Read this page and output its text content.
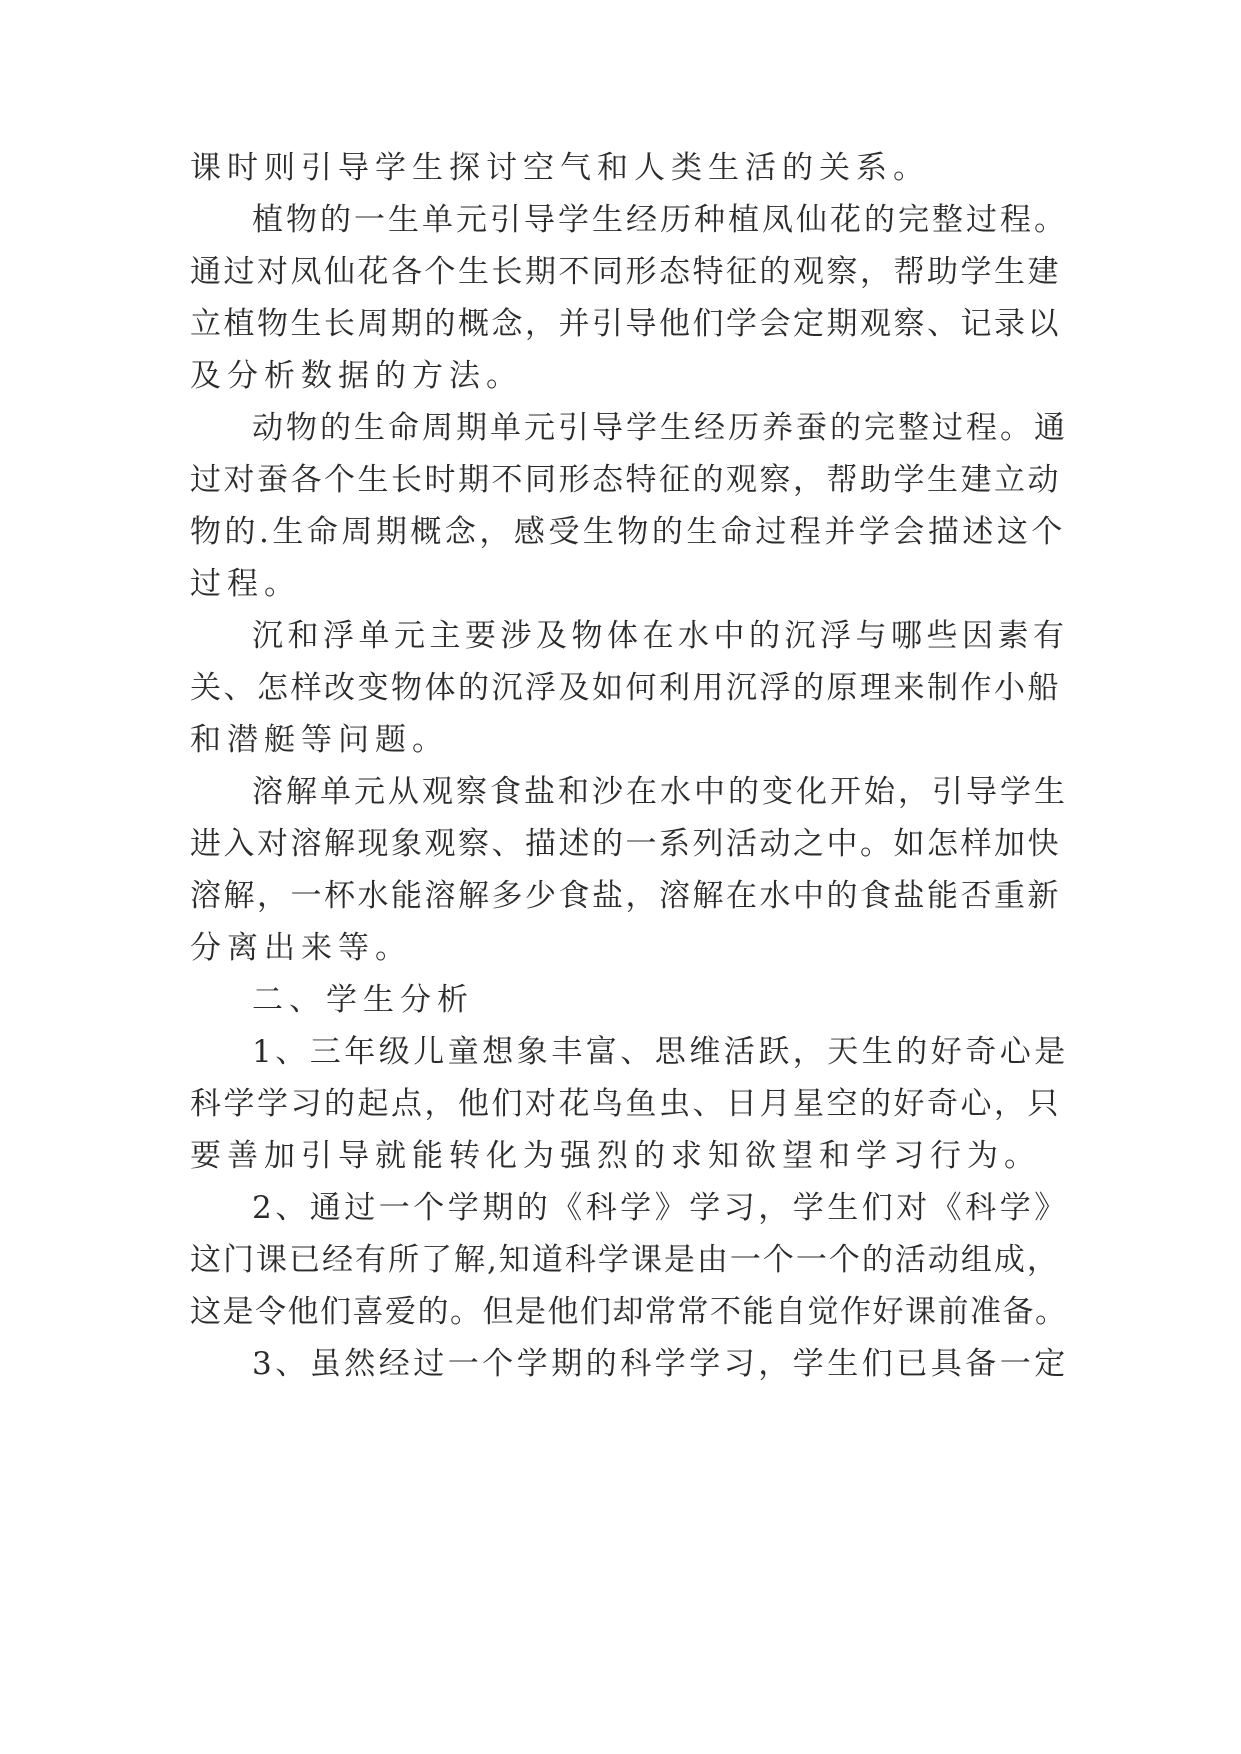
课时则引导学生探讨空气和人类生活的关系。

植物的一生单元引导学生经历种植凤仙花的完整过程。

通过对凤仙花各个生长期不同形态特征的观察，帮助学生建

立植物生长周期的概念，并引导他们学会定期观察、记录以

及分析数据的方法。

动物的生命周期单元引导学生经历养蚕的完整过程。通

过对蚕各个生长时期不同形态特征的观察，帮助学生建立动

物的.生命周期概念，感受生物的生命过程并学会描述这个

过程。

沉和浮单元主要涉及物体在水中的沉浮与哪些因素有

关、怎样改变物体的沉浮及如何利用沉浮的原理来制作小船

和潜艇等问题。

溶解单元从观察食盐和沙在水中的变化开始，引导学生

进入对溶解现象观察、描述的一系列活动之中。如怎样加快

溶解，一杯水能溶解多少食盐，溶解在水中的食盐能否重新

分离出来等。

二、学生分析

1、三年级儿童想象丰富、思维活跃，天生的好奇心是

科学学习的起点，他们对花鸟鱼虫、日月星空的好奇心，只

要善加引导就能转化为强烈的求知欲望和学习行为。

2、通过一个学期的《科学》学习，学生们对《科学》

这门课已经有所了解,知道科学课是由一个一个的活动组成，

这是令他们喜爱的。但是他们却常常不能自觉作好课前准备。

3、虽然经过一个学期的科学学习，学生们已具备一定
